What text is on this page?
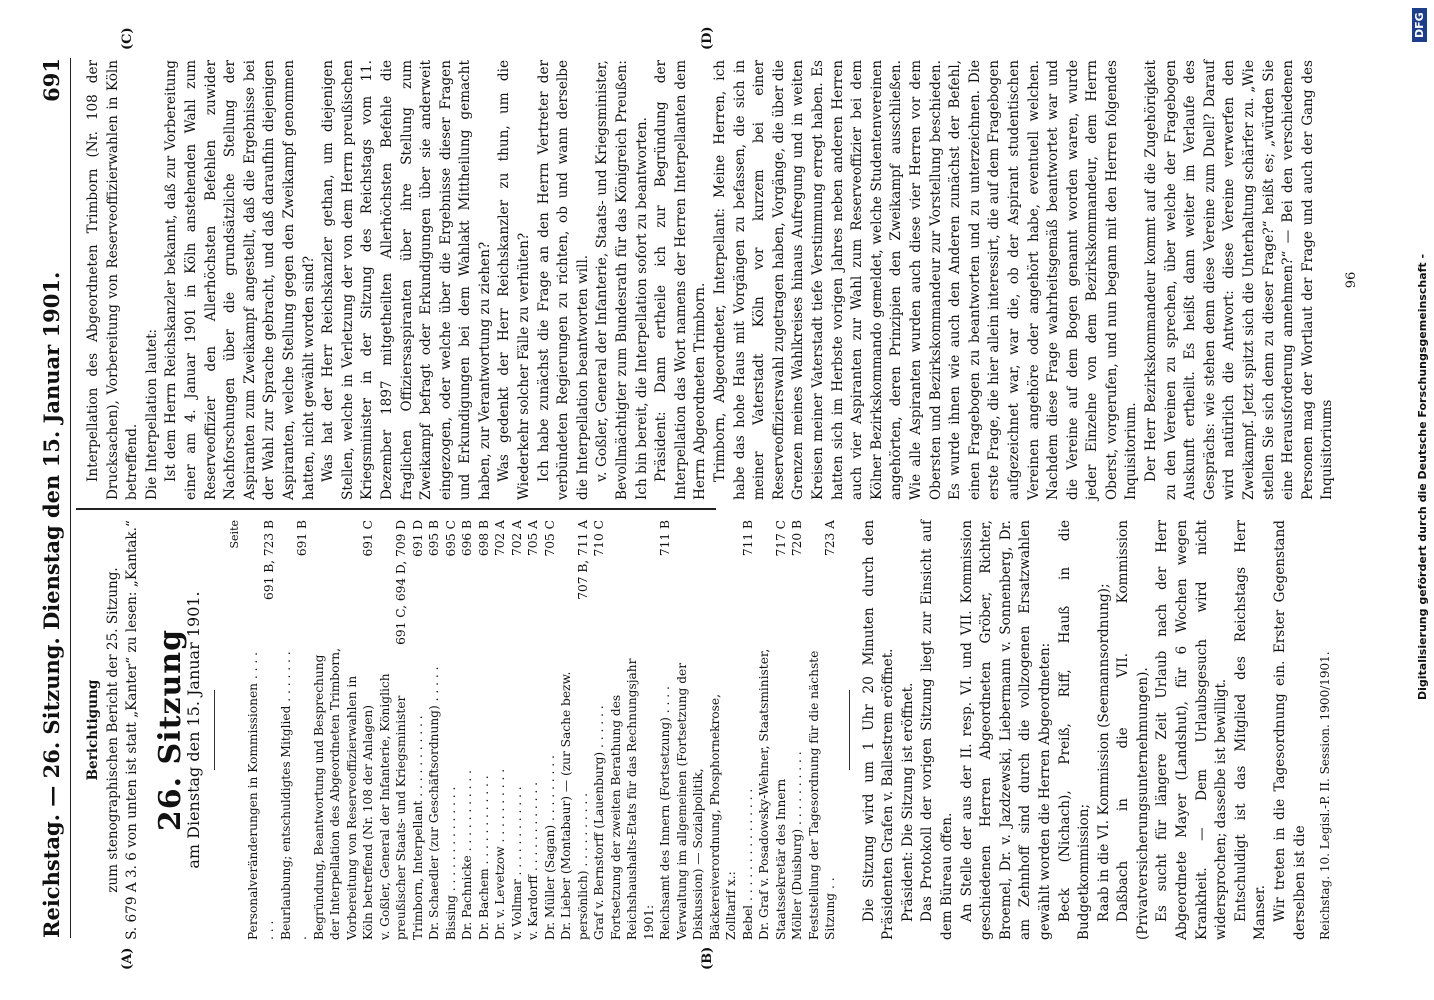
Reichstag. — 26. Sitzung. Dienstag den 15. Januar 1901.
691
(A)	(B)
(C)	(D)

Berichtigung zum stenographischen Bericht der 25. Sitzung. S. 679 A 3. 6 von unten ist statt „Kanter“ zu lesen: „Kantak.“ 26. Sitzung
am Dienstag den 15. Januar 1901.
Seite
Personalveränderungen in Kommissionen . . . . . . .	691 B, 723 B
Beurlaubung; entschuldigtes Mitglied . . . . . . . .	691 B
Begründung, Beantwortung und Besprechung der Interpellation des Abgeordneten Trimborn, Vorbereitung von Reserveoffizierwahlen in Köln betreffend (Nr. 108 der Anlagen)	691 C
v. Goßler, General der Infanterie, Königlich preußischer Staats- und Kriegsminister	691 C, 694 D, 709 D
Trimborn, Interpellant . . . . . . . . . . .	691 D
Dr. Schaedler (zur Geschäftsordnung) . . . . .	695 B
Bissing . . . . . . . . . . . . . .	695 C
Dr. Pachnicke . . . . . . . . . . .	696 B
Dr. Bachem . . . . . . . . . . . .	698 B
Dr. v. Levetzow . . . . . . . . . .	702 A
v. Vollmar . . . . . . . . . . . .	702 A
v. Kardorff . . . . . . . . . . . .	705 A
Dr. Müller (Sagan) . . . . . . . . .	705 C
Dr. Lieber (Montabaur) — (zur Sache bezw. persönlich) . . . . . . . . . .	707 B, 711 A
Graf v. Bernstorff (Lauenburg) . . . . . .	710 C
Fortsetzung der zweiten Berathung des Reichshaushalts-Etats für das Rechnungsjahr 1901:	
Reichsamt des Innern (Fortsetzung) . . . .	711 B
Verwaltung im allgemeinen (Fortsetzung der Diskussion) — Sozialpolitik, Bäckereiverordnung, Phosphornekrose, Zolltarif x.:	
Bebel . . . . . . . . . . . . . . .	711 B
Dr. Graf v. Posadowsky-Wehner, Staatsminister, Staatssekretär des Innern	717 C
Möller (Duisburg) . . . . . . . . . .	720 B
Feststellung der Tagesordnung für die nächste Sitzung . .	723 A Die Sitzung wird um 1 Uhr 20 Minuten durch den Präsidenten Grafen v. Ballestrem eröffnet. Präsident: Die Sitzung ist eröffnet. Das Protokoll der vorigen Sitzung liegt zur Einsicht auf dem Büreau offen. An Stelle der aus der II. resp. VI. und VII. Kommission geschiedenen Herren Abgeordneten Gröber, Richter, Broemel, Dr. v. Jazdzewski, Liebermann v. Sonnenberg, Dr. am Zehnhoff sind durch die vollzogenen Ersatzwahlen gewählt worden die Herren Abgeordneten: Beck (Nichach), Preiß, Riff, Hauß in die Budgetkommission; Raab in die VI. Kommission (Seemannsordnung); Daßbach in die VII. Kommission (Privatversicherungsunternehmungen). Es sucht für längere Zeit Urlaub nach der Herr Abgeordnete Mayer (Landshut), für 6 Wochen wegen Krankheit. — Dem Urlaubsgesuch wird nicht widersprochen; dasselbe ist bewilligt. Entschuldigt ist das Mitglied des Reichstags Herr Manser. Wir treten in die Tagesordnung ein. Erster Gegenstand derselben ist die Reichstag. 10. Legisl.-P. II. Session. 1900/1901.

Interpellation des Abgeordneten Trimborn (Nr. 108 der Drucksachen), Vorbereitung von Reserveoffizierwahlen in Köln betreffend. Die Interpellation lautet: Ist dem Herrn Reichskanzler bekannt, daß zur Vorbereitung einer am 4. Januar 1901 in Köln anstehenden Wahl zum Reserveoffizier den Allerhöchsten Befehlen zuwider Nachforschungen über die grundsätzliche Stellung der Aspiranten zum Zweikampf angestellt, daß die Ergebnisse bei der Wahl zur Sprache gebracht, und daß daraufhin diejenigen Aspiranten, welche Stellung gegen den Zweikampf genommen hatten, nicht gewählt worden sind? Was hat der Herr Reichskanzler gethan, um diejenigen Stellen, welche in Verletzung der von dem Herrn preußischen Kriegsminister in der Sitzung des Reichstags vom 11. Dezember 1897 mitgetheilten Allerhöchsten Befehle die fraglichen Offiziersaspiranten über ihre Stellung zum Zweikampf befragt oder Erkundigungen über sie anderweit eingezogen, oder welche über die Ergebnisse dieser Fragen und Erkundigungen bei dem Wahlakt Mittheilung gemacht haben, zur Verantwortung zu ziehen? Was gedenkt der Herr Reichskanzler zu thun, um die Wiederkehr solcher Fälle zu verhüten? Ich habe zunächst die Frage an den Herrn Vertreter der verbündeten Regierungen zu richten, ob und wann derselbe die Interpellation beantworten will. v. Goßler, General der Infanterie, Staats- und Kriegsminister, Bevollmächtigter zum Bundesrath für das Königreich Preußen: Ich bin bereit, die Interpellation sofort zu beantworten. Präsident: Dann ertheile ich zur Begründung der Interpellation das Wort namens der Herren Interpellanten dem Herrn Abgeordneten Trimborn. Trimborn, Abgeordneter, Interpellant: Meine Herren, ich habe das hohe Haus mit Vorgängen zu befassen, die sich in meiner Vaterstadt Köln vor kurzem bei einer Reserveoffizierswahl zugetragen haben, Vorgänge, die über die Grenzen meines Wahlkreises hinaus Aufregung und in weiten Kreisen meiner Vaterstadt tiefe Verstimmung erregt haben. Es hatten sich im Herbste vorigen Jahres neben anderen Herren auch vier Aspiranten zur Wahl zum Reserveoffizier bei dem Kölner Bezirkskommando gemeldet, welche Studentenvereinen angehörten, deren Prinzipien den Zweikampf ausschließen. Wie alle Aspiranten wurden auch diese vier Herren vor dem Obersten und Bezirkskommandeur zur Vorstellung beschieden. Es wurde ihnen wie auch den Anderen zunächst der Befehl, einen Fragebogen zu beantworten und zu unterzeichnen. Die erste Frage, die hier allein interessirt, die auf dem Fragebogen aufgezeichnet war, war die, ob der Aspirant studentischen Vereinen angehöre oder angehört habe, eventuell welchen. Nachdem diese Frage wahrheitsgemäß beantwortet war und die Vereine auf dem Bogen genannt worden waren, wurde jeder Einzelne von dem Bezirkskommandeur, dem Herrn Oberst, vorgerufen, und nun begann mit den Herren folgendes Inquisitorium. Der Herr Bezirkskommandeur kommt auf die Zugehörigkeit zu den Vereinen zu sprechen, über welche der Fragebogen Auskunft ertheilt. Es heißt dann weiter im Verlaufe des Gesprächs: wie stehen denn diese Vereine zum Duell? Darauf wird natürlich die Antwort: diese Vereine verwerfen den Zweikampf. Jetzt spitzt sich die Unterhaltung schärfer zu. „Wie stellen Sie sich denn zu dieser Frage?“ heißt es; „würden Sie eine Herausforderung annehmen?“ — Bei den verschiedenen Personen mag der Wortlaut der Frage und auch der Gang des Inquisitoriums

96	Digitalisierung gefördert durch die Deutsche Forschungsgemeinschaft -
DFG
